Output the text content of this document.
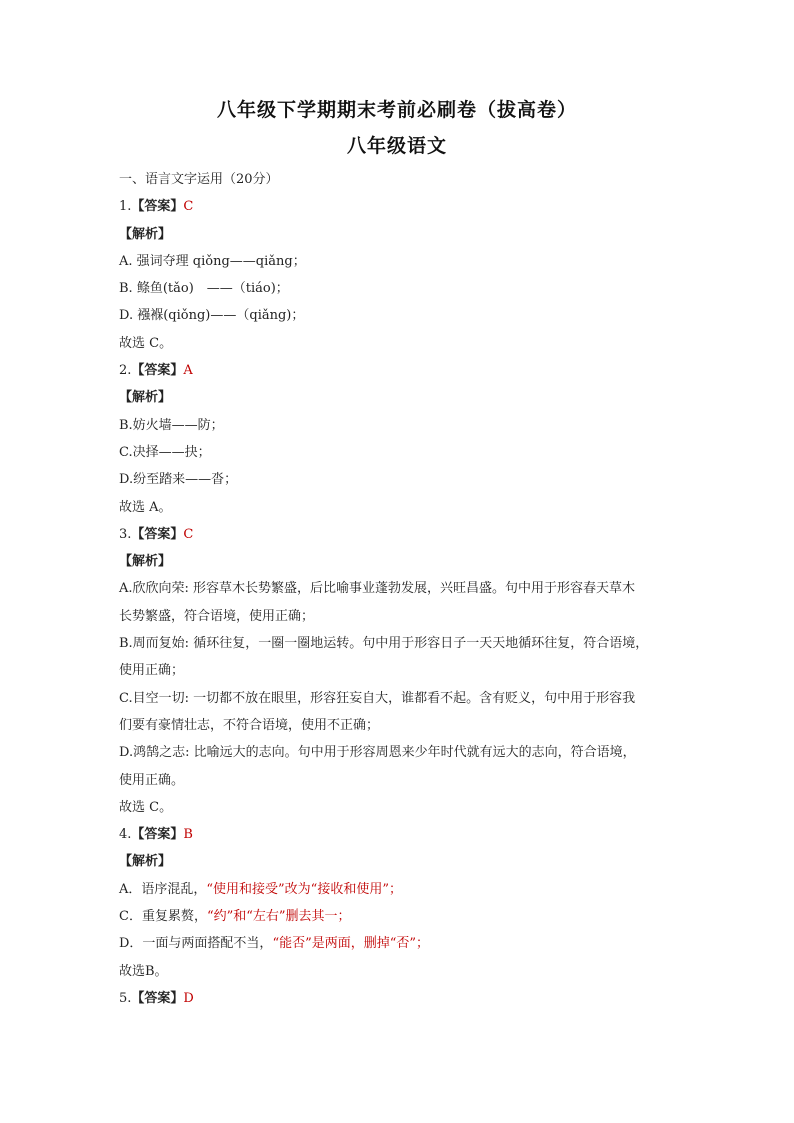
八年级下学期期末考前必刷卷（拔高卷）
八年级语文
一、语言文字运用（20分）
1.【答案】C
【解析】
A. 强词夺理 qiǒng——qiǎng；
B. 鲦鱼(tǎo)　——（tiáo)；
D. 襁褓(qiǒng)——（qiǎng)；
故选 C。
2.【答案】A
【解析】
B.妨火墙——防；
C.决择——抉；
D.纷至踏来——沓；
故选 A。
3.【答案】C
【解析】
A.欣欣向荣: 形容草木长势繁盛，后比喻事业蓬勃发展，兴旺昌盛。句中用于形容春天草木
长势繁盛，符合语境，使用正确；
B.周而复始: 循环往复，一圈一圈地运转。句中用于形容日子一天天地循环往复，符合语境，
使用正确；
C.目空一切: 一切都不放在眼里，形容狂妄自大，谁都看不起。含有贬义，句中用于形容我
们要有豪情壮志，不符合语境，使用不正确；
D.鸿鹄之志: 比喻远大的志向。句中用于形容周恩来少年时代就有远大的志向，符合语境，
使用正确。
故选 C。
4.【答案】B
【解析】
A．语序混乱，“使用和接受”改为“接收和使用”；
C．重复累赘，“约”和“左右”删去其一；
D．一面与两面搭配不当，“能否”是两面，删掉“否”；
故选B。
5.【答案】D
